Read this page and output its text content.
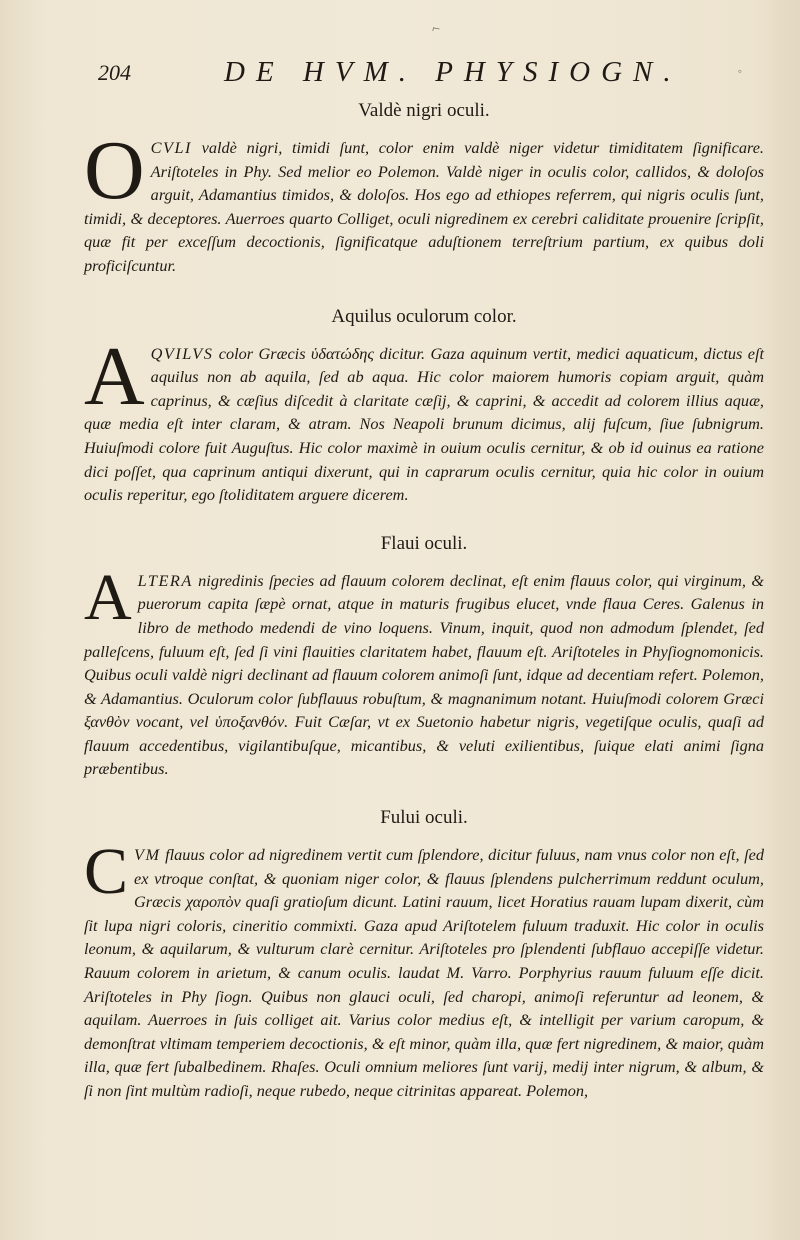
⌐
204	DE HVM. PHYSIOGN.	◦
Valdè nigri oculi.

O CVLI valdè nigri, timidi ſunt, color enim valdè niger videtur timiditatem ſignificare. Ariſtoteles in Phy. Sed melior eo Polemon. Valdè niger in oculis color, callidos, & doloſos arguit, Adamantius timidos, & doloſos. Hos ego ad ethiopes referrem, qui nigris oculis ſunt, timidi, & deceptores. Auerroes quarto Colliget, oculi nigredinem ex cerebri caliditate prouenire ſcripſit, quæ fit per exceſſum decoctionis, ſignificatque aduſtionem terreſtrium partium, ex quibus doli proficiſcuntur.

Aquilus oculorum color.

A QVILVS color Græcis ὑδατώδης dicitur. Gaza aquinum vertit, medici aquaticum, dictus eſt aquilus non ab aquila, ſed ab aqua. Hic color maiorem humoris copiam arguit, quàm caprinus, & cæſius diſcedit à claritate cæſij, & caprini, & accedit ad colorem illius aquæ, quæ media eſt inter claram, & atram. Nos Neapoli brunum dicimus, alij fuſcum, ſiue ſubnigrum. Huiuſmodi colore fuit Auguſtus. Hic color maximè in ouium oculis cernitur, & ob id ouinus ea ratione dici poſſet, qua caprinum antiqui dixerunt, qui in caprarum oculis cernitur, quia hic color in ouium oculis reperitur, ego ſtoliditatem arguere dicerem.

Flaui oculi.

A LTERA nigredinis ſpecies ad flauum colorem declinat, eſt enim flauus color, qui virginum, & puerorum capita ſæpè ornat, atque in maturis frugibus elucet, vnde flaua Ceres. Galenus in libro de methodo medendi de vino loquens. Vinum, inquit, quod non admodum ſplendet, ſed palleſcens, fuluum eſt, ſed ſi vini flauities claritatem habet, flauum eſt. Ariſtoteles in Phyſiognomonicis. Quibus oculi valdè nigri declinant ad flauum colorem animoſi ſunt, idque ad decentiam refert. Polemon, & Adamantius. Oculorum color ſubflauus robuſtum, & magnanimum notant. Huiuſmodi colorem Græci ξανθὸν vocant, vel ὑποξανθόν. Fuit Cæſar, vt ex Suetonio habetur nigris, vegetiſque oculis, quaſi ad flauum accedentibus, vigilantibuſque, micantibus, & veluti exilientibus, ſuique elati animi ſigna præbentibus.

Fului oculi.

C VM flauus color ad nigredinem vertit cum ſplendore, dicitur fuluus, nam vnus color non eſt, ſed ex vtroque conſtat, & quoniam niger color, & flauus ſplendens pulcherrimum reddunt oculum, Græcis χαροπὸν quaſi gratioſum dicunt. Latini rauum, licet Horatius rauam lupam dixerit, cùm ſit lupa nigri coloris, cineritio commixti. Gaza apud Ariſtotelem fuluum traduxit. Hic color in oculis leonum, & aquilarum, & vulturum clarè cernitur. Ariſtoteles pro ſplendenti ſubflauo accepiſſe videtur. Rauum colorem in arietum, & canum oculis. laudat M. Varro. Porphyrius rauum fuluum eſſe dicit. Ariſtoteles in Phy ſiogn. Quibus non glauci oculi, ſed charopi, animoſi referuntur ad leonem, & aquilam. Auerroes in ſuis colliget ait. Varius color medius eſt, & intelligit per varium caropum, & demonſtrat vltimam temperiem decoctionis, & eſt minor, quàm illa, quæ fert nigredinem, & maior, quàm illa, quæ fert ſubalbedinem. Rhaſes. Oculi omnium meliores ſunt varij, medij inter nigrum, & album, & ſi non ſint multùm radioſi, neque rubedo, neque citrinitas appareat. Polemon,
